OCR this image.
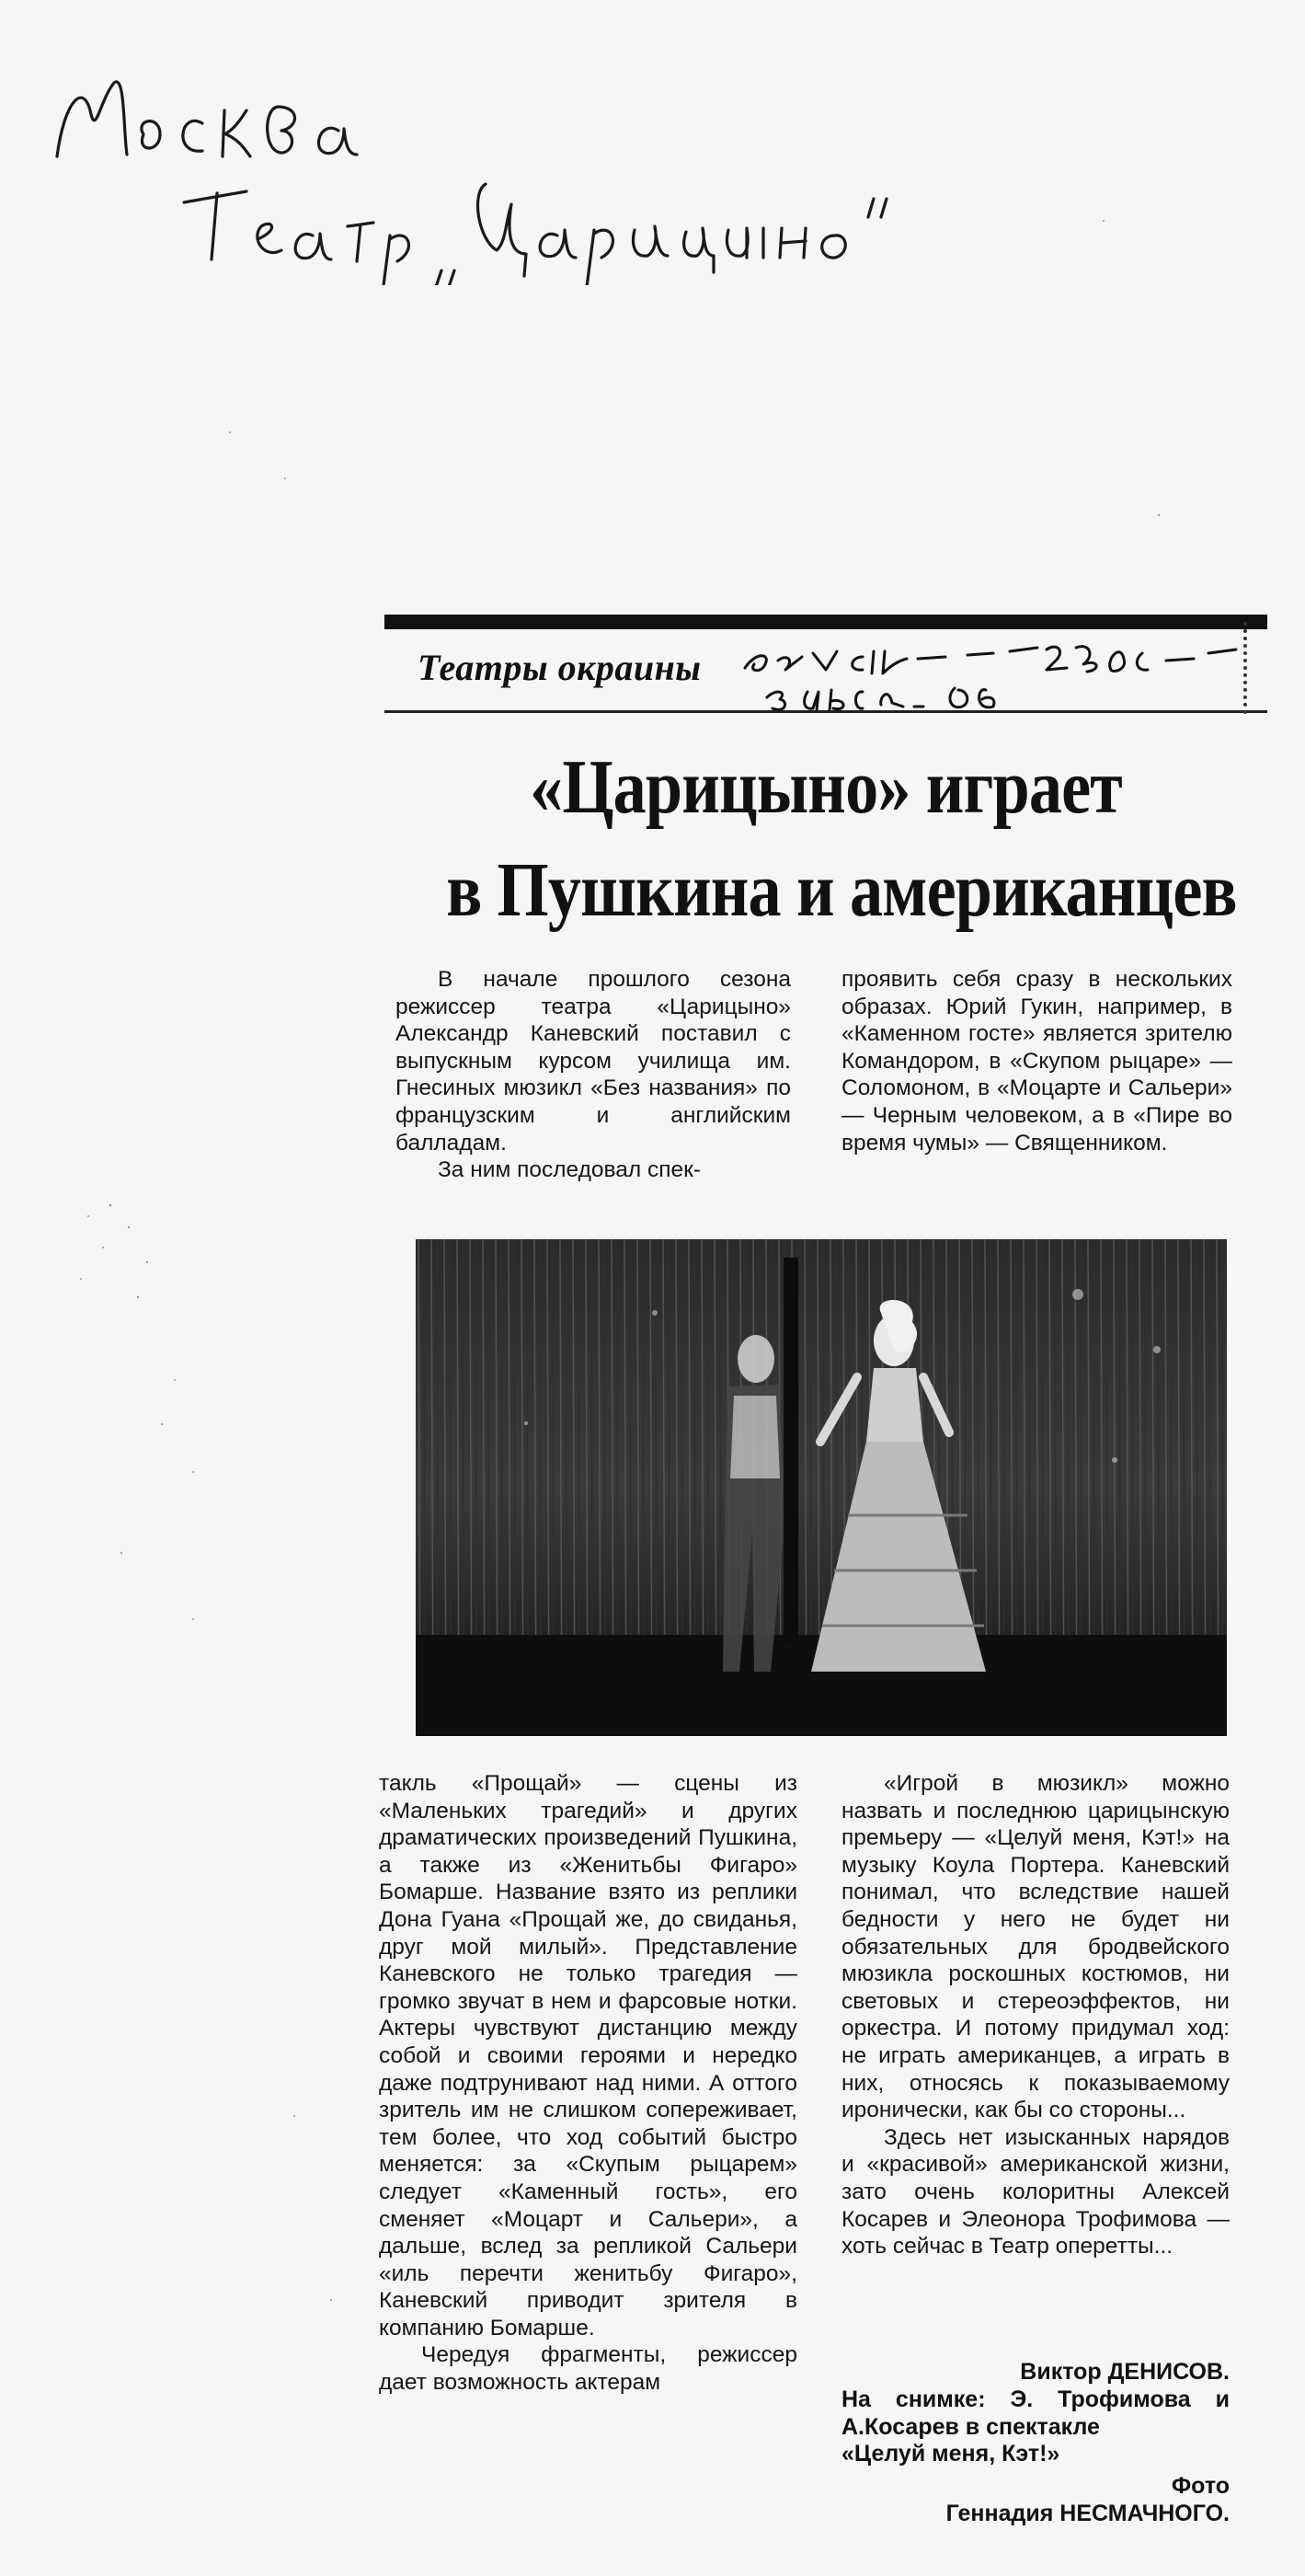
Театры окраины
«Царицыно» играет
в Пушкина и американцев

В начале прошлого сезона режиссер театра «Царицыно» Александр Каневский поставил с выпускным курсом училища им. Гнесиных мюзикл «Без названия» по французским и английским балладам.

За ним последовал спек-

проявить себя сразу в нескольких образах. Юрий Гукин, например, в «Каменном госте» является зрителю Командором, в «Скупом рыцаре» — Соломоном, в «Моцарте и Сальери» — Черным человеком, а в «Пире во время чумы» — Священником.

такль «Прощай» — сцены из «Маленьких трагедий» и других драматических произведений Пушкина, а также из «Женитьбы Фигаро» Бомарше. Название взято из реплики Дона Гуана «Прощай же, до свиданья, друг мой милый». Представление Каневского не только трагедия — громко звучат в нем и фарсовые нотки. Актеры чувствуют дистанцию между собой и своими героями и нередко даже подтрунивают над ними. А оттого зритель им не слишком сопереживает, тем более, что ход событий быстро меняется: за «Скупым рыцарем» следует «Каменный гость», его сменяет «Моцарт и Сальери», а дальше, вслед за репликой Сальери «иль перечти женитьбу Фигаро», Каневский приводит зрителя в компанию Бомарше.

Чередуя фрагменты, режиссер дает возможность актерам

«Игрой в мюзикл» можно назвать и последнюю царицынскую премьеру — «Целуй меня, Кэт!» на музыку Коула Портера. Каневский понимал, что вследствие нашей бедности у него не будет ни обязательных для бродвейского мюзикла роскошных костюмов, ни световых и стереоэффектов, ни оркестра. И потому придумал ход: не играть американцев, а играть в них, относясь к показываемому иронически, как бы со стороны...

Здесь нет изысканных нарядов и «красивой» американской жизни, зато очень колоритны Алексей Косарев и Элеонора Трофимова — хоть сейчас в Театр оперетты...

Виктор ДЕНИСОВ.
На снимке: Э. Трофимова и А.Косарев в спектакле
«Целуй меня, Кэт!»
Фото
Геннадия НЕСМАЧНОГО.
